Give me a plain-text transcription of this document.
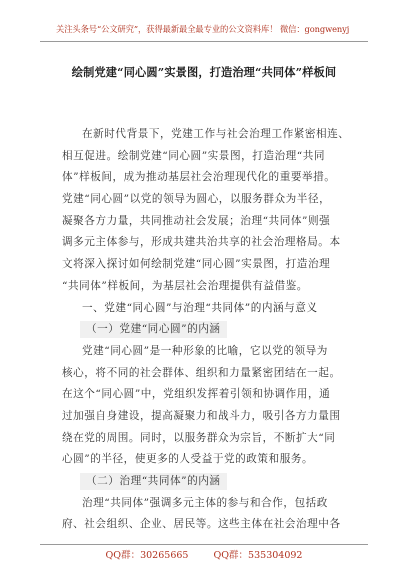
关注头条号“公文研究”，获得最新最全最专业的公文资料库！ 微信：gongwenyj
绘制党建“同心圆”实景图，打造治理“共同体”样板间
在新时代背景下，党建工作与社会治理工作紧密相连、
相互促进。绘制党建“同心圆”实景图，打造治理“共同
体”样板间，成为推动基层社会治理现代化的重要举措。
党建“同心圆”以党的领导为圆心，以服务群众为半径，
凝聚各方力量，共同推动社会发展；治理“共同体”则强
调多元主体参与，形成共建共治共享的社会治理格局。本
文将深入探讨如何绘制党建“同心圆”实景图，打造治理
“共同体”样板间，为基层社会治理提供有益借鉴。
一、党建“同心圆”与治理“共同体”的内涵与意义
（一）党建“同心圆”的内涵
党建“同心圆”是一种形象的比喻，它以党的领导为
核心，将不同的社会群体、组织和力量紧密团结在一起。
在这个“同心圆”中，党组织发挥着引领和协调作用，通
过加强自身建设，提高凝聚力和战斗力，吸引各方力量围
绕在党的周围。同时，以服务群众为宗旨，不断扩大“同
心圆”的半径，使更多的人受益于党的政策和服务。
（二）治理“共同体”的内涵
治理“共同体”强调多元主体的参与和合作，包括政
府、社会组织、企业、居民等。这些主体在社会治理中各
QQ群：30265665	QQ群：535304092
